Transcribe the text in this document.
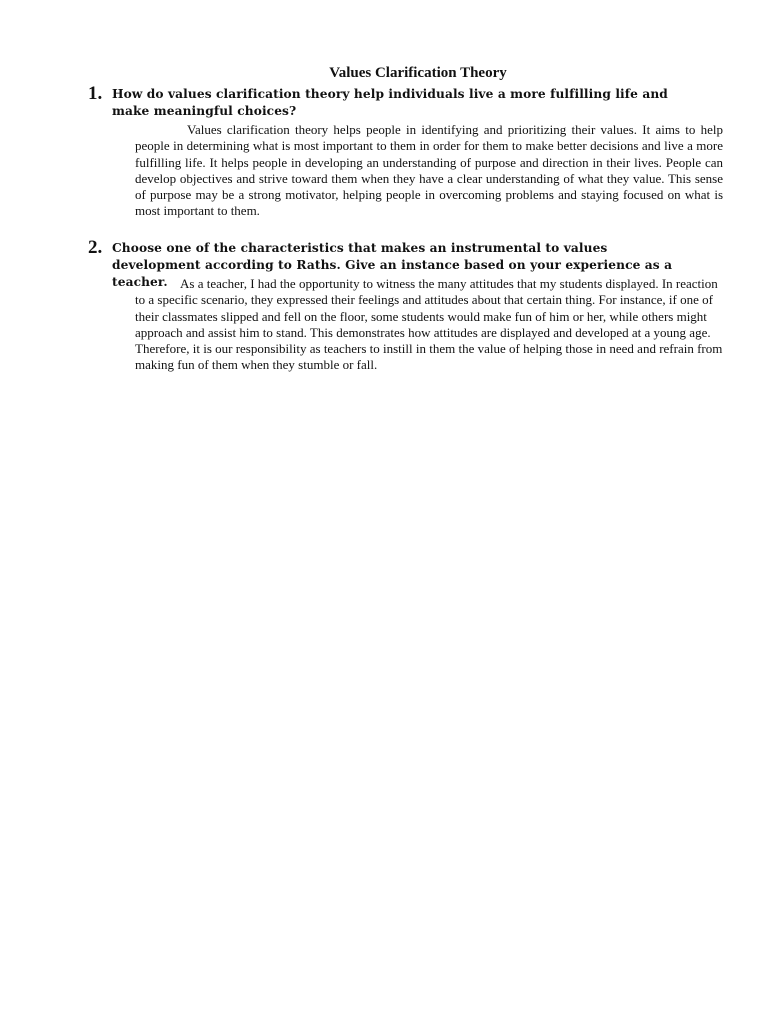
Values Clarification Theory
1. How do values clarification theory help individuals live a more fulfilling life and make meaningful choices?
Values clarification theory helps people in identifying and prioritizing their values. It aims to help people in determining what is most important to them in order for them to make better decisions and live a more fulfilling life. It helps people in developing an understanding of purpose and direction in their lives. People can develop objectives and strive toward them when they have a clear understanding of what they value. This sense of purpose may be a strong motivator, helping people in overcoming problems and staying focused on what is most important to them.
2. Choose one of the characteristics that makes an instrumental to values development according to Raths. Give an instance based on your experience as a teacher. As a teacher, I had the opportunity to witness the many attitudes that my students displayed. In reaction to a specific scenario, they expressed their feelings and attitudes about that certain thing. For instance, if one of their classmates slipped and fell on the floor, some students would make fun of him or her, while others might approach and assist him to stand. This demonstrates how attitudes are displayed and developed at a young age. Therefore, it is our responsibility as teachers to instill in them the value of helping those in need and refrain from making fun of them when they stumble or fall.
